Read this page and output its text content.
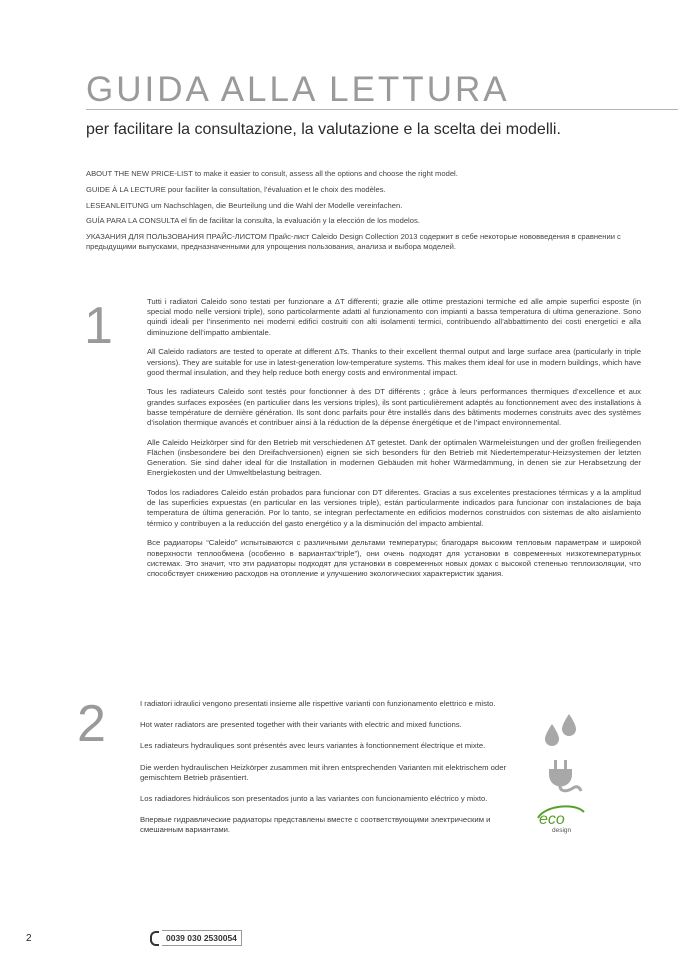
GUIDA ALLA LETTURA
per facilitare la consultazione, la valutazione e la scelta dei modelli.

ABOUT THE NEW PRICE-LIST to make it easier to consult, assess all the options and choose the right model.

GUIDE À LA LECTURE pour faciliter la consultation, l’évaluation et le choix des modèles.

LESEANLEITUNG um Nachschlagen, die Beurteilung und die Wahl der Modelle vereinfachen.

GUÍA PARA LA CONSULTA el fin de facilitar la consulta, la evaluación y la elección de los modelos.

УКАЗАНИЯ ДЛЯ ПОЛЬЗОВАНИЯ ПРАЙС-ЛИСТОМ Прайс-лист Caleido Design Collection 2013 содержит в себе некоторые нововведения в сравнении с предыдущими выпусками, предназначенными для упрощения пользования, анализа и выбора моделей.

1	Tutti i radiatori Caleido sono testati per funzionare a ΔT differenti; grazie alle ottime prestazioni termiche ed alle ampie superfici esposte (in special modo nelle versioni triple), sono particolarmente adatti al funzionamento con impianti a bassa temperatura di ultima generazione. Sono quindi ideali per l’inserimento nei moderni edifici costruiti con alti isolamenti termici, contribuendo all’abbattimento dei costi energetici e alla diminuzione dell’impatto ambientale.

All Caleido radiators are tested to operate at different ΔTs. Thanks to their excellent thermal output and large surface area (particularly in triple versions). They are suitable for use in latest-generation low-temperature systems. This makes them ideal for use in modern buildings, which have good thermal insulation, and they help reduce both energy costs and environmental impact.

Tous les radiateurs Caleido sont testés pour fonctionner à des DT différents ; grâce à leurs performances thermiques d’excellence et aux grandes surfaces exposées (en particulier dans les versions triples), ils sont particulièrement adaptés au fonctionnement avec des installations à basse température de dernière génération. Ils sont donc parfaits pour être installés dans des bâtiments modernes construits avec des systèmes d’isolation thermique avancés et contribuer ainsi à la réduction de la dépense énergétique et de l’impact environnemental.

Alle Caleido Heizkörper sind für den Betrieb mit verschiedenen ΔT getestet. Dank der optimalen Wärmeleistungen und der großen freiliegenden Flächen (insbesondere bei den Dreifachversionen) eignen sie sich besonders für den Betrieb mit Niedertemperatur-Heizsystemen der letzten Generation. Sie sind daher ideal für die Installation in modernen Gebäuden mit hoher Wärmedämmung, in denen sie zur Herabsetzung der Energiekosten und der Umweltbelastung beitragen.

Todos los radiadores Caleido están probados para funcionar con DT diferentes. Gracias a sus excelentes prestaciones térmicas y a la amplitud de las superficies expuestas (en particular en las versiones triple), están particularmente indicados para funcionar con instalaciones de baja temperatura de última generación. Por lo tanto, se integran perfectamente en edificios modernos construidos con sistemas de alto aislamiento térmico y contribuyen a la reducción del gasto energético y a la disminución del impacto ambiental.

Все радиаторы “Caleido” испытываются с различными дельтами температуры; благодаря высоким тепловым параметрам и широкой поверхности теплообмена (особенно в вариантах“triple”), они очень подходят для установки в современных низкотемпературных системах. Это значит, что эти радиаторы подходят для установки в современных новых домах с высокой степенью теплоизоляции, что способствует снижению расходов на отопление и улучшению экологических характеристик здания.

2	I radiatori idraulici vengono presentati insieme alle rispettive varianti con funzionamento elettrico e misto.

Hot water radiators are presented together with their variants with electric and mixed functions.

Les radiateurs hydrauliques sont présentés avec leurs variantes à fonctionnement électrique et mixte.

Die werden hydraulischen Heizkörper zusammen mit ihren entsprechenden Varianten mit elektrischem oder gemischtem Betrieb präsentiert.

Los radiadores hidráulicos son presentados junto a las variantes con funcionamiento eléctrico y mixto.

Впервые гидравлические радиаторы представлены вместе с соответствующими электрическим и смешанным вариантами.

eco
design
2	0039 030 2530054
